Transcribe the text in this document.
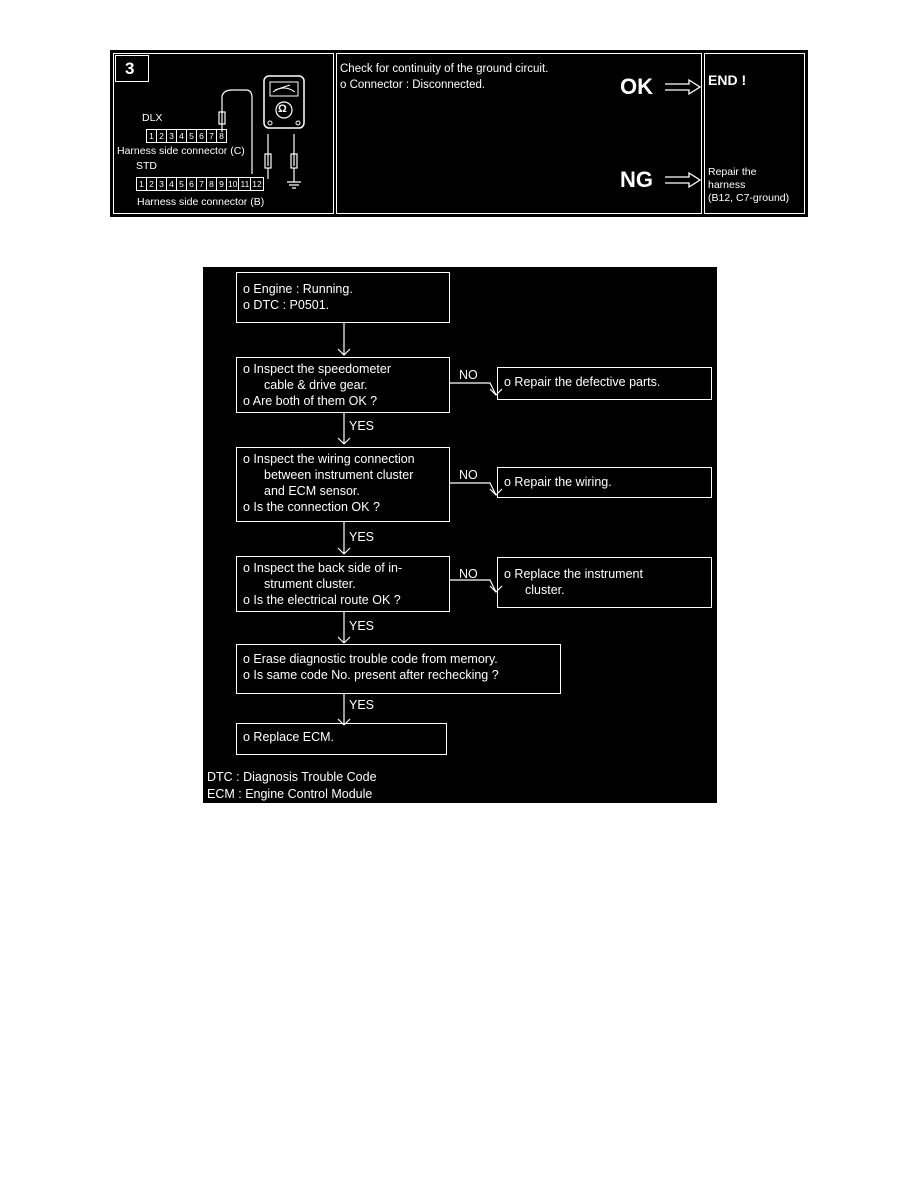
3
Ω
DLX
1 2 3 4 5 6 7 8
Harness side connector (C)
STD
1 2 3 4 5 6 7 8 9 10 11 12
Harness side connector (B)
Check for continuity of the ground circuit.
o Connector : Disconnected.	OK
NG
END !
Repair the
harness
(B12, C7-ground)
o Engine : Running.
o DTC : P0501.
o Inspect the speedometer
cable & drive gear.
o Are both of them OK ?
o Inspect the wiring connection
between instrument cluster
and ECM sensor.
o Is the connection OK ?
o Inspect the back side of in-
strument cluster.
o Is the electrical route OK ?
o Erase diagnostic trouble code from memory.
o Is same code No. present after rechecking ?
o Replace ECM.
o Repair the defective parts.
o Repair the wiring.
o Replace the instrument
cluster.
NO
NO
NO
YES
YES
YES
YES
DTC : Diagnosis Trouble Code
ECM : Engine Control Module
